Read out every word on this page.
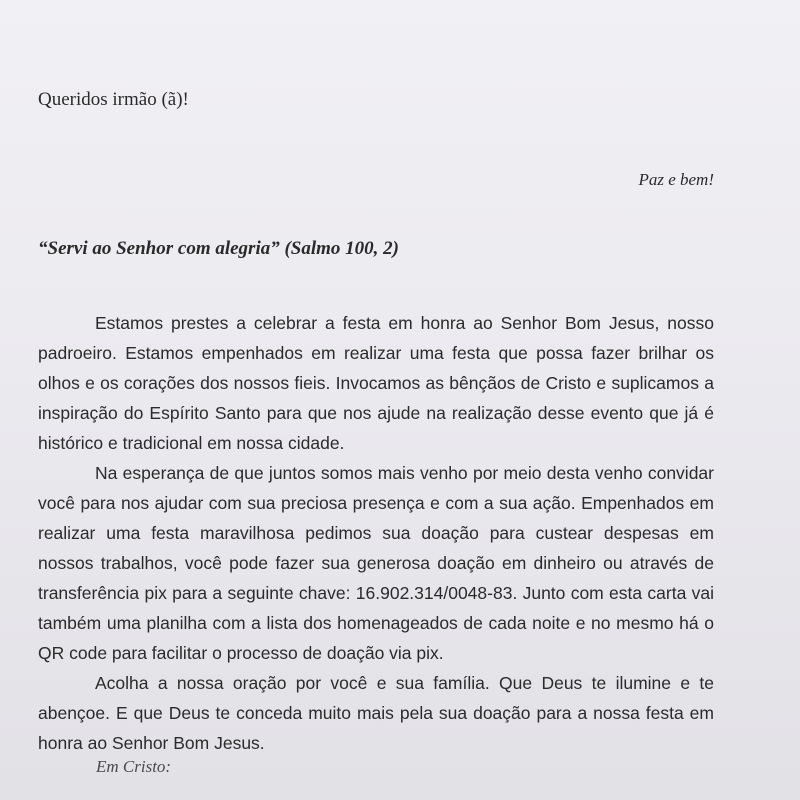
Queridos irmão (ã)!
Paz e bem!
“Servi ao Senhor com alegria” (Salmo 100, 2)

Estamos prestes a celebrar a festa em honra ao Senhor Bom Jesus, nosso padroeiro. Estamos empenhados em realizar uma festa que possa fazer brilhar os olhos e os corações dos nossos fieis. Invocamos as bênçãos de Cristo e suplicamos a inspiração do Espírito Santo para que nos ajude na realização desse evento que já é histórico e tradicional em nossa cidade.

Na esperança de que juntos somos mais venho por meio desta venho convidar você para nos ajudar com sua preciosa presença e com a sua ação. Empenhados em realizar uma festa maravilhosa pedimos sua doação para custear despesas em nossos trabalhos, você pode fazer sua generosa doação em dinheiro ou através de transferência pix para a seguinte chave: 16.902.314/0048-83. Junto com esta carta vai também uma planilha com a lista dos homenageados de cada noite e no mesmo há o QR code para facilitar o processo de doação via pix.

Acolha a nossa oração por você e sua família. Que Deus te ilumine e te abençoe. E que Deus te conceda muito mais pela sua doação para a nossa festa em honra ao Senhor Bom Jesus.

Em Cristo:
